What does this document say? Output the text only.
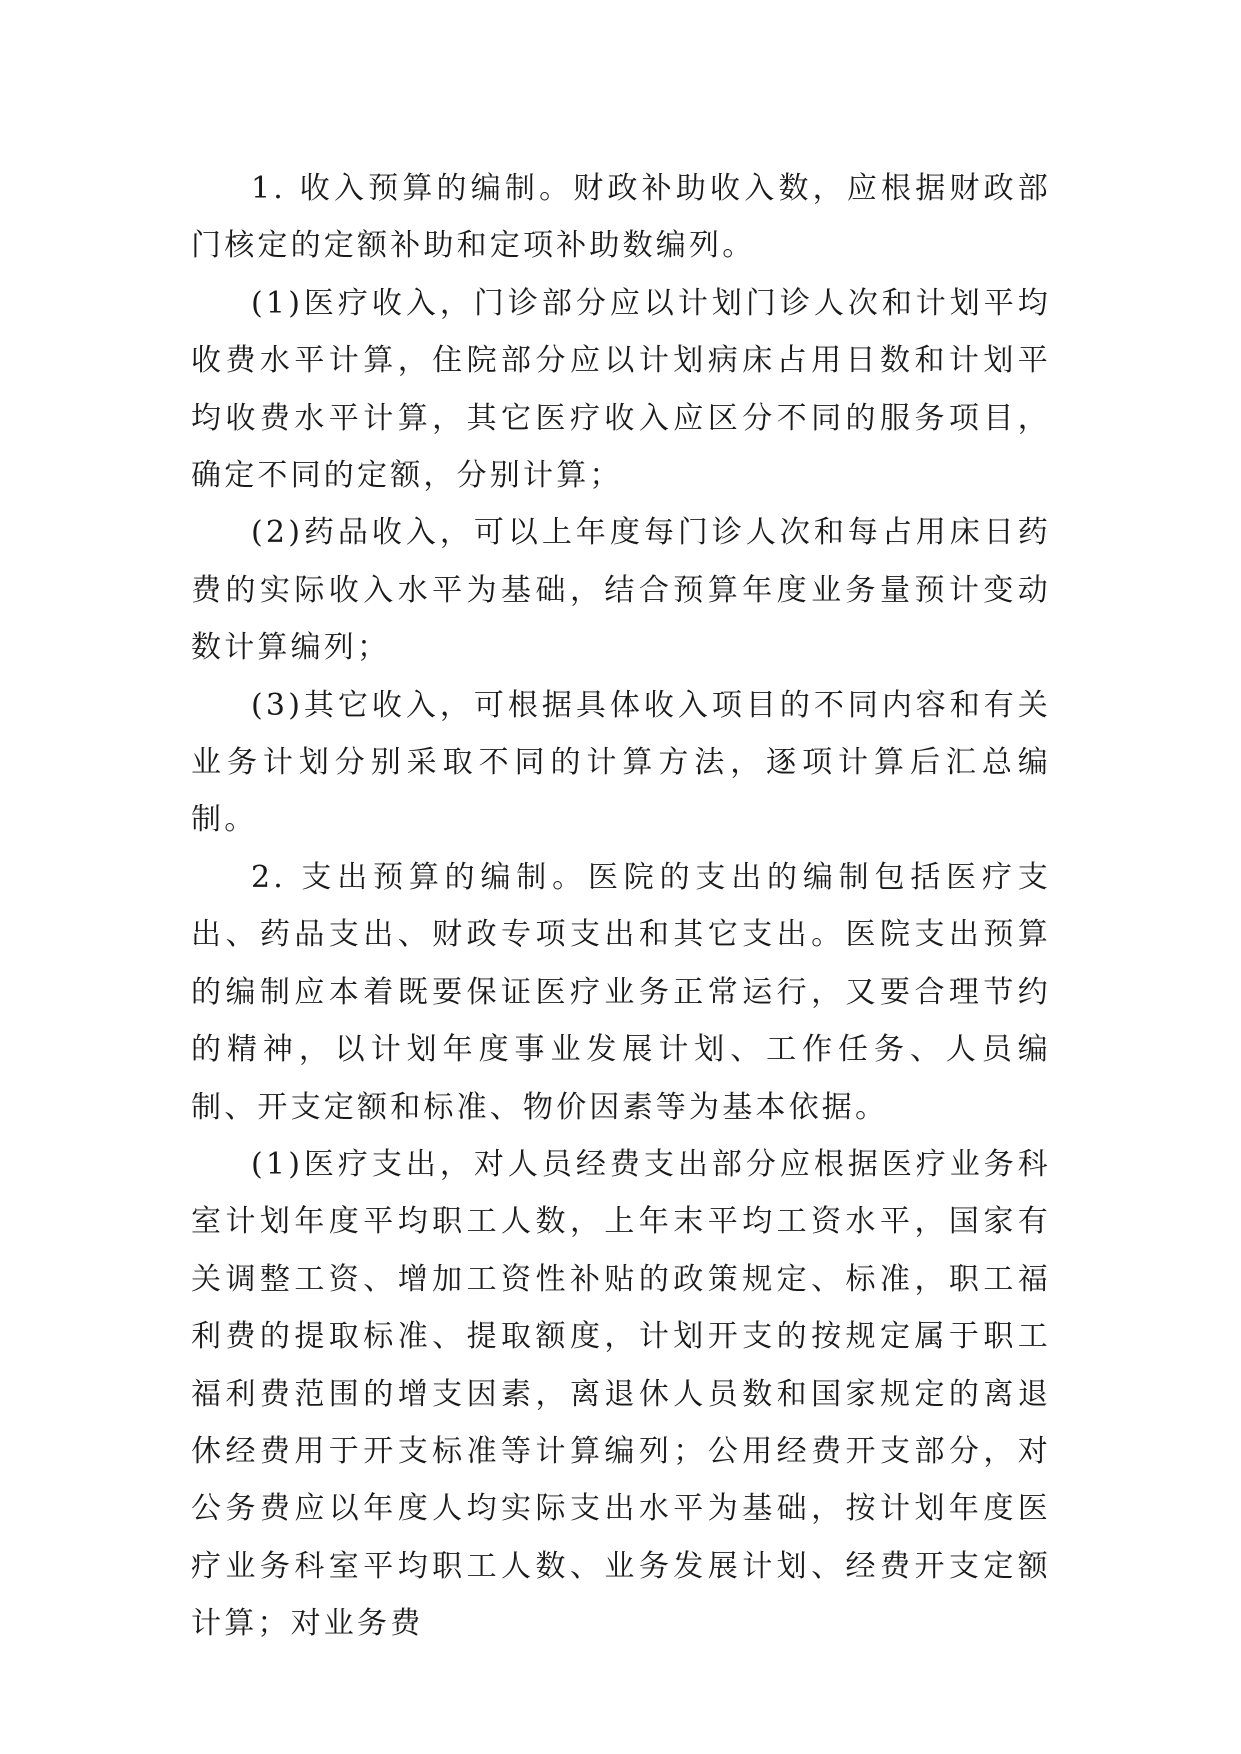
1. 收入预算的编制。财政补助收入数，应根据财政部门核定的定额补助和定项补助数编列。

(1)医疗收入，门诊部分应以计划门诊人次和计划平均收费水平计算，住院部分应以计划病床占用日数和计划平均收费水平计算，其它医疗收入应区分不同的服务项目，确定不同的定额，分别计算；

(2)药品收入，可以上年度每门诊人次和每占用床日药费的实际收入水平为基础，结合预算年度业务量预计变动数计算编列；

(3)其它收入，可根据具体收入项目的不同内容和有关业务计划分别采取不同的计算方法，逐项计算后汇总编制。

2. 支出预算的编制。医院的支出的编制包括医疗支出、药品支出、财政专项支出和其它支出。医院支出预算的编制应本着既要保证医疗业务正常运行，又要合理节约的精神，以计划年度事业发展计划、工作任务、人员编制、开支定额和标准、物价因素等为基本依据。

(1)医疗支出，对人员经费支出部分应根据医疗业务科室计划年度平均职工人数，上年末平均工资水平，国家有关调整工资、增加工资性补贴的政策规定、标准，职工福利费的提取标准、提取额度，计划开支的按规定属于职工福利费范围的增支因素，离退休人员数和国家规定的离退休经费用于开支标准等计算编列；公用经费开支部分，对公务费应以年度人均实际支出水平为基础，按计划年度医疗业务科室平均职工人数、业务发展计划、经费开支定额计算；对业务费
